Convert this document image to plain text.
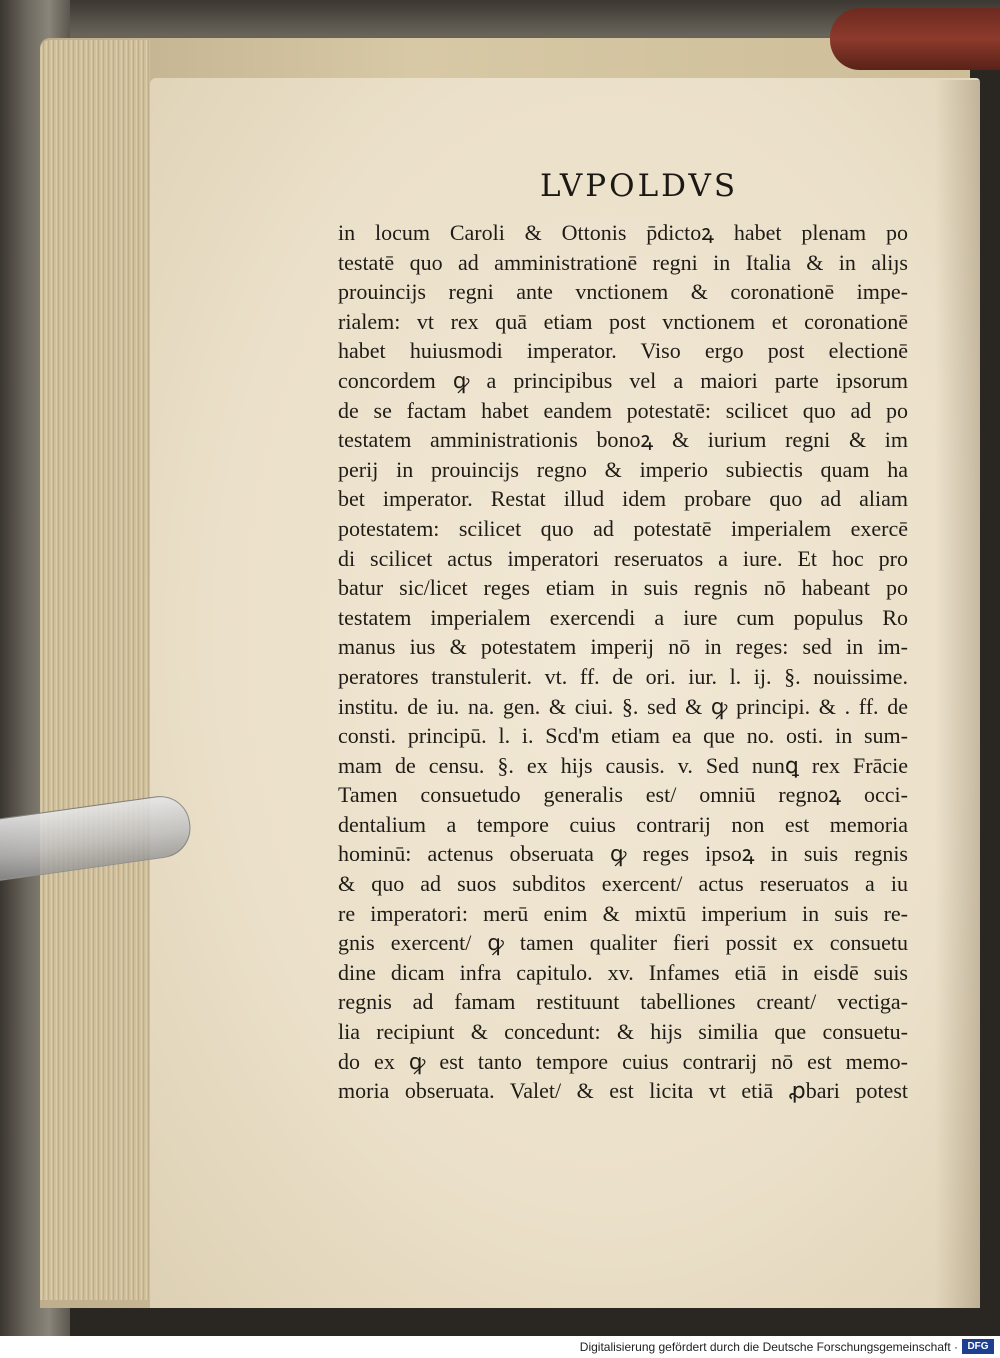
LVPOLDVS
in locum Caroli & Ottonis p̄dictoꝝ habet plenam po
testatē quo ad amministrationē regni in Italia & in aliȷs
prouincijs regni ante vnctionem & coronationē impe-
rialem: vt rex quā etiam post vnctionem et coronationē
habet huiusmodi imperator. Viso ergo post electionē
concordem ꝙ a principibus vel a maiori parte ipsorum
de se factam habet eandem potestatē: scilicet quo ad po
testatem amministrationis bonoꝝ & iurium regni & im
perij in prouincijs regno & imperio subiectis quam ha
bet imperator. Restat illud idem probare quo ad aliam
potestatem: scilicet quo ad potestatē imperialem exercē
di scilicet actus imperatori reseruatos a iure. Et hoc pro
batur sic/licet reges etiam in suis regnis nō habeant po
testatem imperialem exercendi a iure cum populus Ro
manus ius & potestatem imperij nō in reges: sed in im-
peratores transtulerit. vt. ff. de ori. iur. l. ij. §. nouissime.
institu. de iu. na. gen. & ciui. §. sed & ꝙ principi. & . ff. de
consti. principū. l. i. Scd'm etiam ea que no. osti. in sum-
mam de censu. §. ex hijs causis. v. Sed nunꝗ rex Frācie
Tamen consuetudo generalis est/ omniū regnoꝝ occi-
dentalium a tempore cuius contrarij non est memoria
hominū: actenus obseruata ꝙ reges ipsoꝝ in suis regnis
& quo ad suos subditos exercent/ actus reseruatos a iu
re imperatori: merū enim & mixtū imperium in suis re-
gnis exercent/ ꝙ tamen qualiter fieri possit ex consuetu
dine dicam infra capitulo. xv. Infames etiā in eisdē suis
regnis ad famam restituunt tabelliones creant/ vectiga-
lia recipiunt & concedunt: & hijs similia que consuetu-
do ex ꝙ est tanto tempore cuius contrarij nō est memo-
moria obseruata. Valet/ & est licita vt etiā ꝓbari potest
Digitalisierung gefördert durch die Deutsche Forschungsgemeinschaft · DFG
